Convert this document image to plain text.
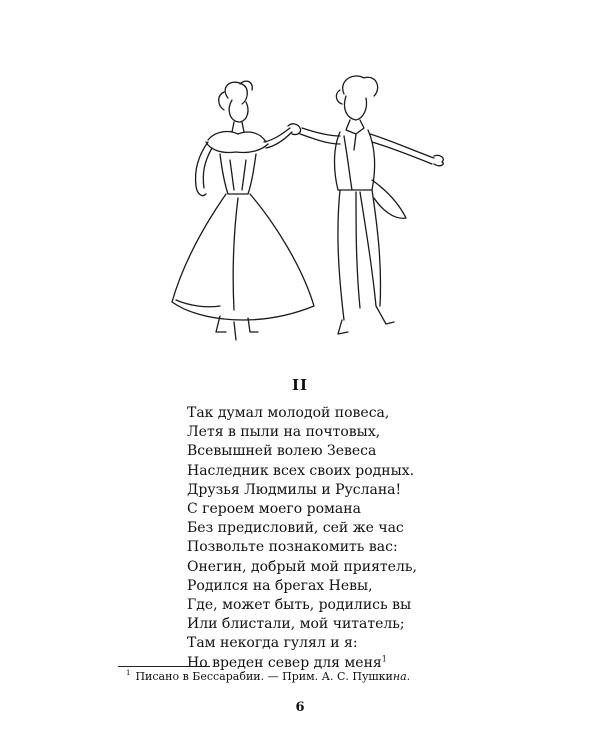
II
Так думал молодой повеса,
Летя в пыли на почтовых,
Всевышней волею Зевеса
Наследник всех своих родных.
Друзья Людмилы и Руслана!
С героем моего романа
Без предисловий, сей же час
Позвольте познакомить вас:
Онегин, добрый мой приятель,
Родился на брегах Невы,
Где, может быть, родились вы
Или блистали, мой читатель;
Там некогда гулял и я:
Но вреден север для меня$^1$
$^1$ Писано в Бессарабии. — Прим. А. С. Пушкина.
6
